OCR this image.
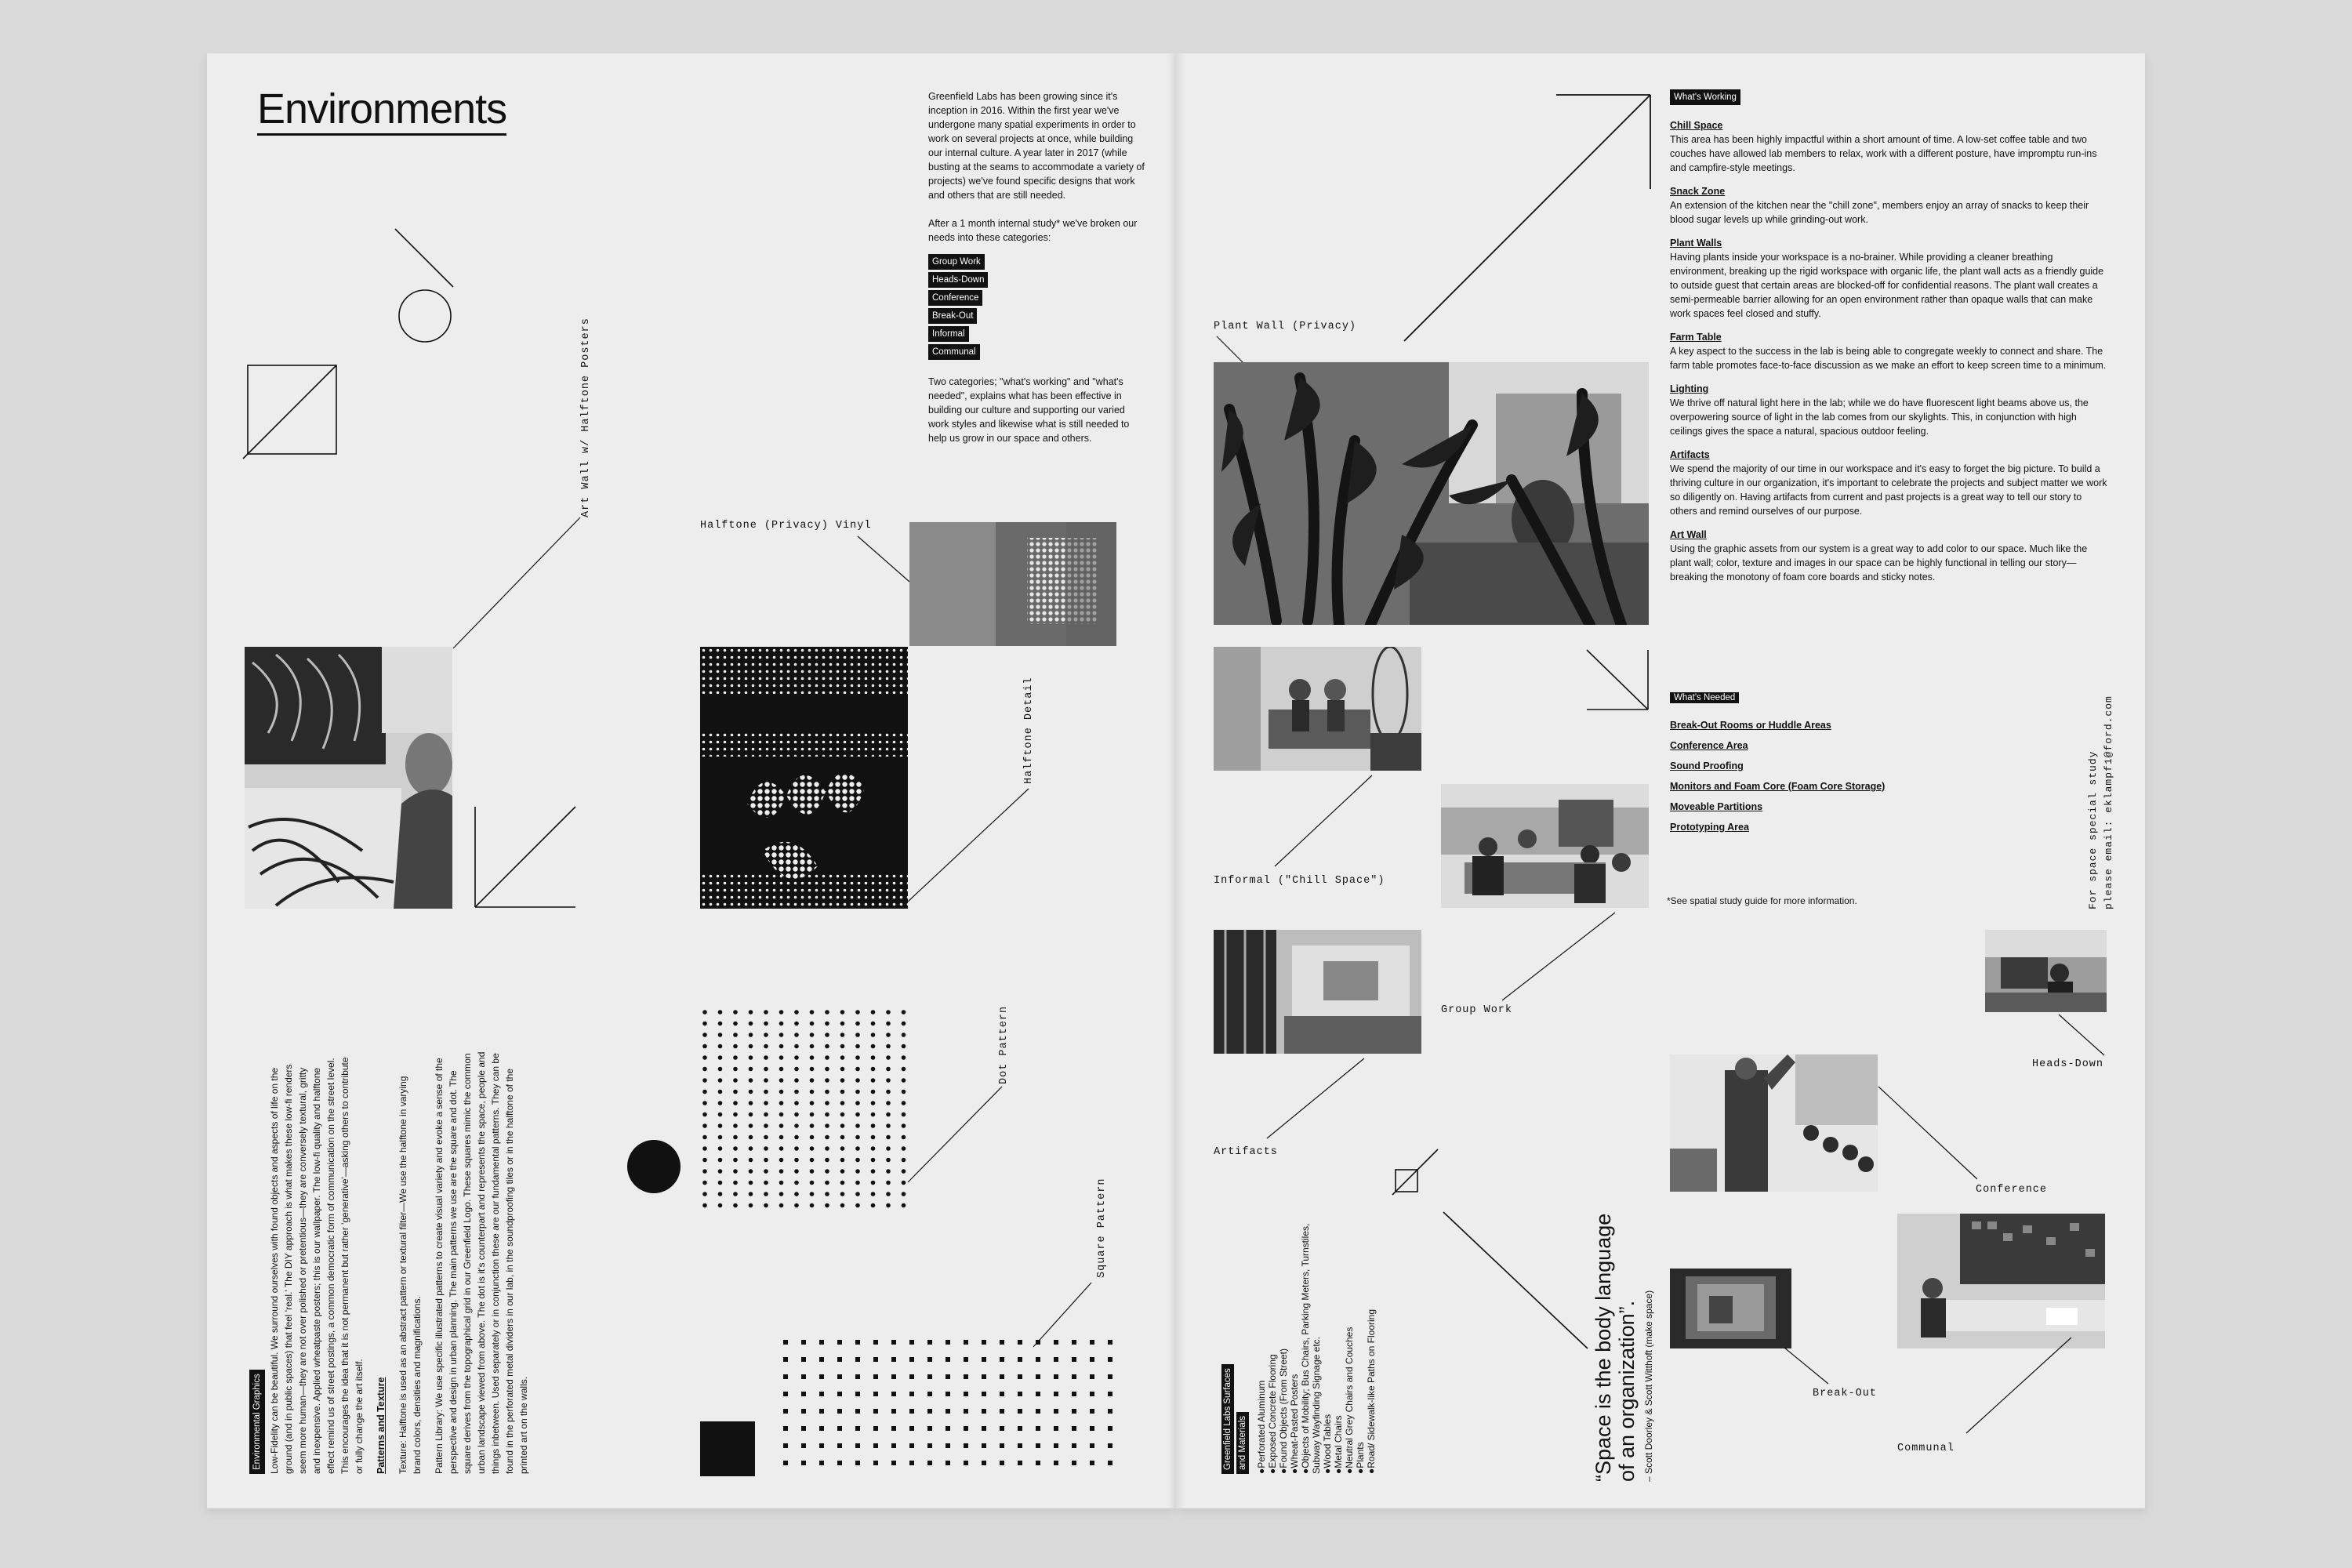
Environments	Greenfield Labs has been growing since it's inception in 2016. Within the first year we've undergone many spatial experiments in order to work on several projects at once, while building our internal culture. A year later in 2017 (while busting at the seams to accommodate a variety of projects) we've found specific designs that work and others that are still needed.
After a 1 month internal study* we've broken our needs into these categories:
Group Work
Heads-Down
Conference
Break-Out
Informal
Communal
Two categories; "what's working" and "what's needed", explains what has been effective in building our culture and supporting our varied work styles and likewise what is still needed to help us grow in our space and others.
Art Wall w/ Halftone Posters
Halftone (Privacy) Vinyl
Halftone Detail
Dot Pattern
Square Pattern
Environmental Graphics Low-Fidelity can be beautiful. We surround ourselves with found objects and aspects of life on the ground (and in public spaces) that feel 'real.' The DIY approach is what makes these low-fi renders seem more human—they are not over polished or pretentious—they are conversely textural, gritty and inexpensive. Applied wheatpaste posters; this is our wallpaper. The low-fi quality and halftone effect remind us of street postings, a common democratic form of communication on the street level. This encourages the idea that it is not permanent but rather 'generative'—asking others to contribute or fully change the art itself. Patterns and Texture Texture: Halftone is used as an abstract pattern or textural filter—We use the halftone in varying brand colors, densities and magnifications. Pattern Library: We use specific illustrated patterns to create visual variety and evoke a sense of the perspective and design in urban planning. The main patterns we use are the square and dot. The square derives from the topographical grid in our Greenfield Logo. These squares mimic the common urban landscape viewed from above. The dot is it's counterpart and represents the space, people and things inbetween. Used separately or in conjunction these are our fundamental patterns. They can be found in the perforated metal dividers in our lab, in the soundproofing tiles or in the halftone of the printed art on the walls.
Plant Wall (Privacy)
Informal ("Chill Space")
Group Work
Artifacts
What's Working
Chill Space
This area has been highly impactful within a short amount of time. A low-set coffee table and two couches have allowed lab members to relax, work with a different posture, have impromptu run-ins and campfire-style meetings.
Snack Zone
An extension of the kitchen near the "chill zone", members enjoy an array of snacks to keep their blood sugar levels up while grinding-out work.
Plant Walls
Having plants inside your workspace is a no-brainer. While providing a cleaner breathing environment, breaking up the rigid workspace with organic life, the plant wall acts as a friendly guide to outside guest that certain areas are blocked-off for confidential reasons. The plant wall creates a semi-permeable barrier allowing for an open environment rather than opaque walls that can make work spaces feel closed and stuffy.
Farm Table
A key aspect to the success in the lab is being able to congregate weekly to connect and share. The farm table promotes face-to-face discussion as we make an effort to keep screen time to a minimum.
Lighting
We thrive off natural light here in the lab; while we do have fluorescent light beams above us, the overpowering source of light in the lab comes from our skylights. This, in conjunction with high ceilings gives the space a natural, spacious outdoor feeling.
Artifacts
We spend the majority of our time in our workspace and it's easy to forget the big picture. To build a thriving culture in our organization, it's important to celebrate the projects and subject matter we work so diligently on. Having artifacts from current and past projects is a great way to tell our story to others and remind ourselves of our purpose.
Art Wall
Using the graphic assets from our system is a great way to add color to our space. Much like the plant wall; color, texture and images in our space can be highly functional in telling our story—breaking the monotony of foam core boards and sticky notes.
What's Needed
Break-Out Rooms or Huddle Areas
Conference Area
Sound Proofing
Monitors and Foam Core (Foam Core Storage)
Moveable Partitions
Prototyping Area
*See spatial study guide for more information.	For space special study please email: eklampf1@ford.com
Heads-Down
Conference
Communal
Break-Out
Greenfield Labs Surfaces and Materials
●Perforated Aluminum
●Exposed Concrete Flooring
●Found Objects (From Street)
●Wheat-Pasted Posters
●Objects of Mobility; Bus Chairs, Parking Meters, Turnstiles, Subway Wayfinding Signage etc. ●Wood Tables
●Metal Chairs
●Neutral Grey Chairs and Couches
●Plants
●Road/ Sidewalk-like Paths on Flooring	“Space is the body language of an organization”. – Scott Doorley & Scott Witthoft (make space)
